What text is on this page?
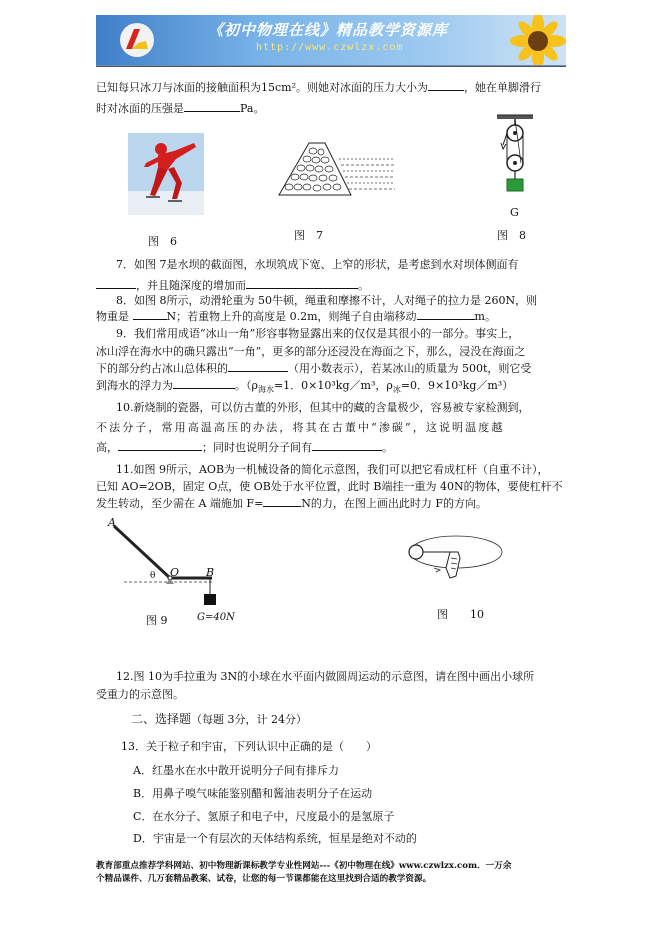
《初中物理在线》精品教学资源库
http://www.czwlzx.com
已知每只冰刀与冰面的接触面积为15cm²。则她对冰面的压力大小为	，她在单脚滑行
时对冰面的压强是	Pa。
图　6	图　7
G
图　8
7．如图 7是水坝的截面图，水坝筑成下宽、上窄的形状，是考虑到水对坝体侧面有
，并且随深度的增加而	。
8．如图 8所示，动滑轮重为 50牛顿，绳重和摩擦不计，人对绳子的拉力是 260N，则
物重是	N；若重物上升的高度是 0.2m，则绳子自由端移动	m。
9．我们常用成语“冰山一角”形容事物显露出来的仅仅是其很小的一部分。事实上，
冰山浮在海水中的确只露出“一角”，更多的部分还浸没在海面之下，那么，浸没在海面之
下的部分约占冰山总体积的	（用小数表示），若某冰山的质量为 500t，则它受
到海水的浮力为	。（$\rho_{海水}=1$．0×10³kg／m³，$\rho_冰=0$．9×10³kg／m³）
10.新烧制的瓷器，可以仿古董的外形，但其中的藏的含量极少，容易被专家检测到，
不法分子，常用高温高压的办法，将其在古董中“渗碳”，这说明温度越
高，	；同时也说明分子间有	。
11.如图 9所示，AOB为一机械设备的简化示意图，我们可以把它看成杠杆（自重不计），
已知 AO=2OB，固定 O点，使 OB处于水平位置，此时 B端挂一重为 40N的物体，要使杠杆不
发生转动，至少需在 A 端施加 F=	N的力，在图上画出此时力 F的方向。
A
θ O B
图 9	G=40N	图　　10
12.图 10为手拉重为 3N的小球在水平面内做圆周运动的示意图，请在图中画出小球所
受重力的示意图。
二、选择题（每题 3分，计 24分）
13．关于粒子和宇宙，下列认识中正确的是（　　）
A．红墨水在水中散开说明分子间有排斥力
B．用鼻子嗅气味能鉴别醋和酱油表明分子在运动
C．在水分子、氢原子和电子中，尺度最小的是氢原子
D．宇宙是一个有层次的天体结构系统，恒星是绝对不动的
教育部重点推荐学科网站、初中物理新课标教学专业性网站---《初中物理在线》www.czwlzx.com．一万余
个精品课件、几万套精品教案、试卷，让您的每一节课都能在这里找到合适的教学资源。
